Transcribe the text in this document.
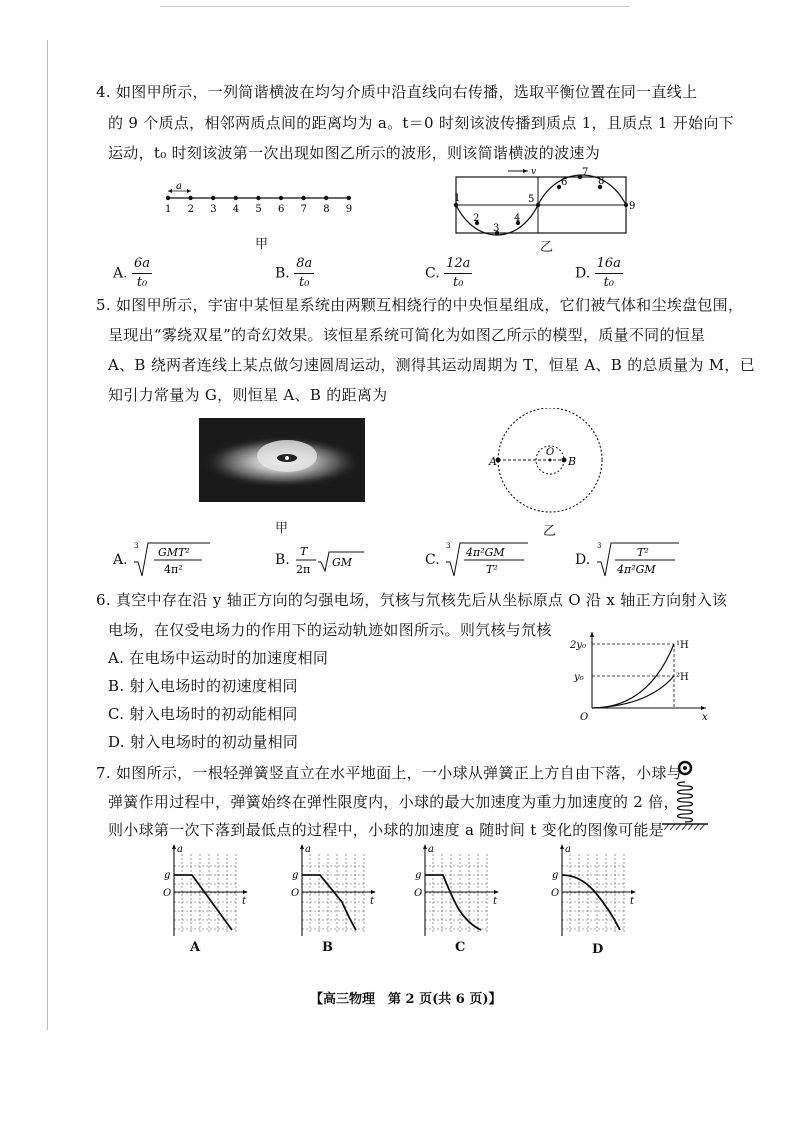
4. 如图甲所示，一列简谐横波在均匀介质中沿直线向右传播，选取平衡位置在同一直线上
的 9 个质点，相邻两质点间的距离均为 a。t＝0 时刻该波传播到质点 1，且质点 1 开始向下
运动，t₀ 时刻该波第一次出现如图乙所示的波形，则该简谐横波的波速为
a
1 2 3 4 5 6 7 8 9
甲
v
1
2
3
4
5
6
7
8
9
乙
A. $\frac{6a}{\text{t₀}}$	B. $\frac{8a}{\text{t₀}}$	C. $\frac{12a}{\text{t₀}}$	D. $\frac{16a}{\text{t₀}}$
5. 如图甲所示，宇宙中某恒星系统由两颗互相绕行的中央恒星组成，它们被气体和尘埃盘包围，
呈现出“雾绕双星”的奇幻效果。该恒星系统可简化为如图乙所示的模型，质量不同的恒星
A、B 绕两者连线上某点做匀速圆周运动，测得其运动周期为 T，恒星 A、B 的总质量为 M，已
知引力常量为 G，则恒星 A、B 的距离为
甲
A	B
O
乙
A.
3 GMT²
4π²
B.
T
2π
GM	C.
3 4π²GM
T²
D.
3	T²
4π²GM
6. 真空中存在沿 y 轴正方向的匀强电场，氕核与氘核先后从坐标原点 O 沿 x 轴正方向射入该
电场，在仅受电场力的作用下的运动轨迹如图所示。则氕核与氘核
A. 在电场中运动时的加速度相同
B. 射入电场时的初速度相同
C. 射入电场时的初动能相同
D. 射入电场时的初动量相同
2y₀
y₀
O	x
¹H
²H
7. 如图所示，一根轻弹簧竖直立在水平地面上，一小球从弹簧正上方自由下落，小球与
弹簧作用过程中，弹簧始终在弹性限度内，小球的最大加速度为重力加速度的 2 倍，
则小球第一次下落到最低点的过程中，小球的加速度 a 随时间 t 变化的图像可能是
a
t
g
O
A
a
t
g
O
B
a
t
g
O
C
a
t
g
O
D
【高三物理　第 2 页(共 6 页)】
